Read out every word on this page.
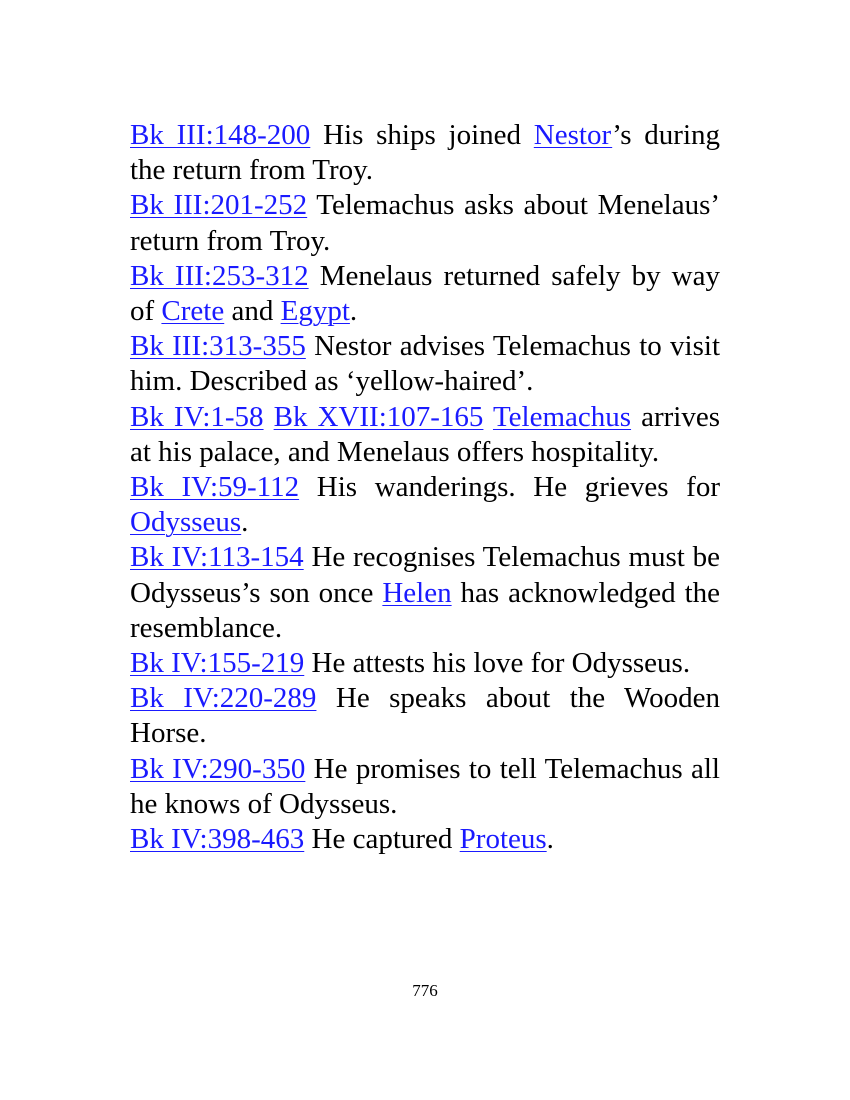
Bk III:148-200 His ships joined Nestor’s during the return from Troy.

Bk III:201-252 Telemachus asks about Menelaus’ return from Troy.

Bk III:253-312 Menelaus returned safely by way of Crete and Egypt.

Bk III:313-355 Nestor advises Telemachus to visit him. Described as ‘yellow-haired’.

Bk IV:1-58 Bk XVII:107-165 Telemachus arrives at his palace, and Menelaus offers hospitality.

Bk IV:59-112 His wanderings. He grieves for Odysseus.

Bk IV:113-154 He recognises Telemachus must be Odysseus’s son once Helen has acknowledged the resemblance.

Bk IV:155-219 He attests his love for Odysseus.

Bk IV:220-289 He speaks about the Wooden Horse.

Bk IV:290-350 He promises to tell Telemachus all he knows of Odysseus.

Bk IV:398-463 He captured Proteus.

776
